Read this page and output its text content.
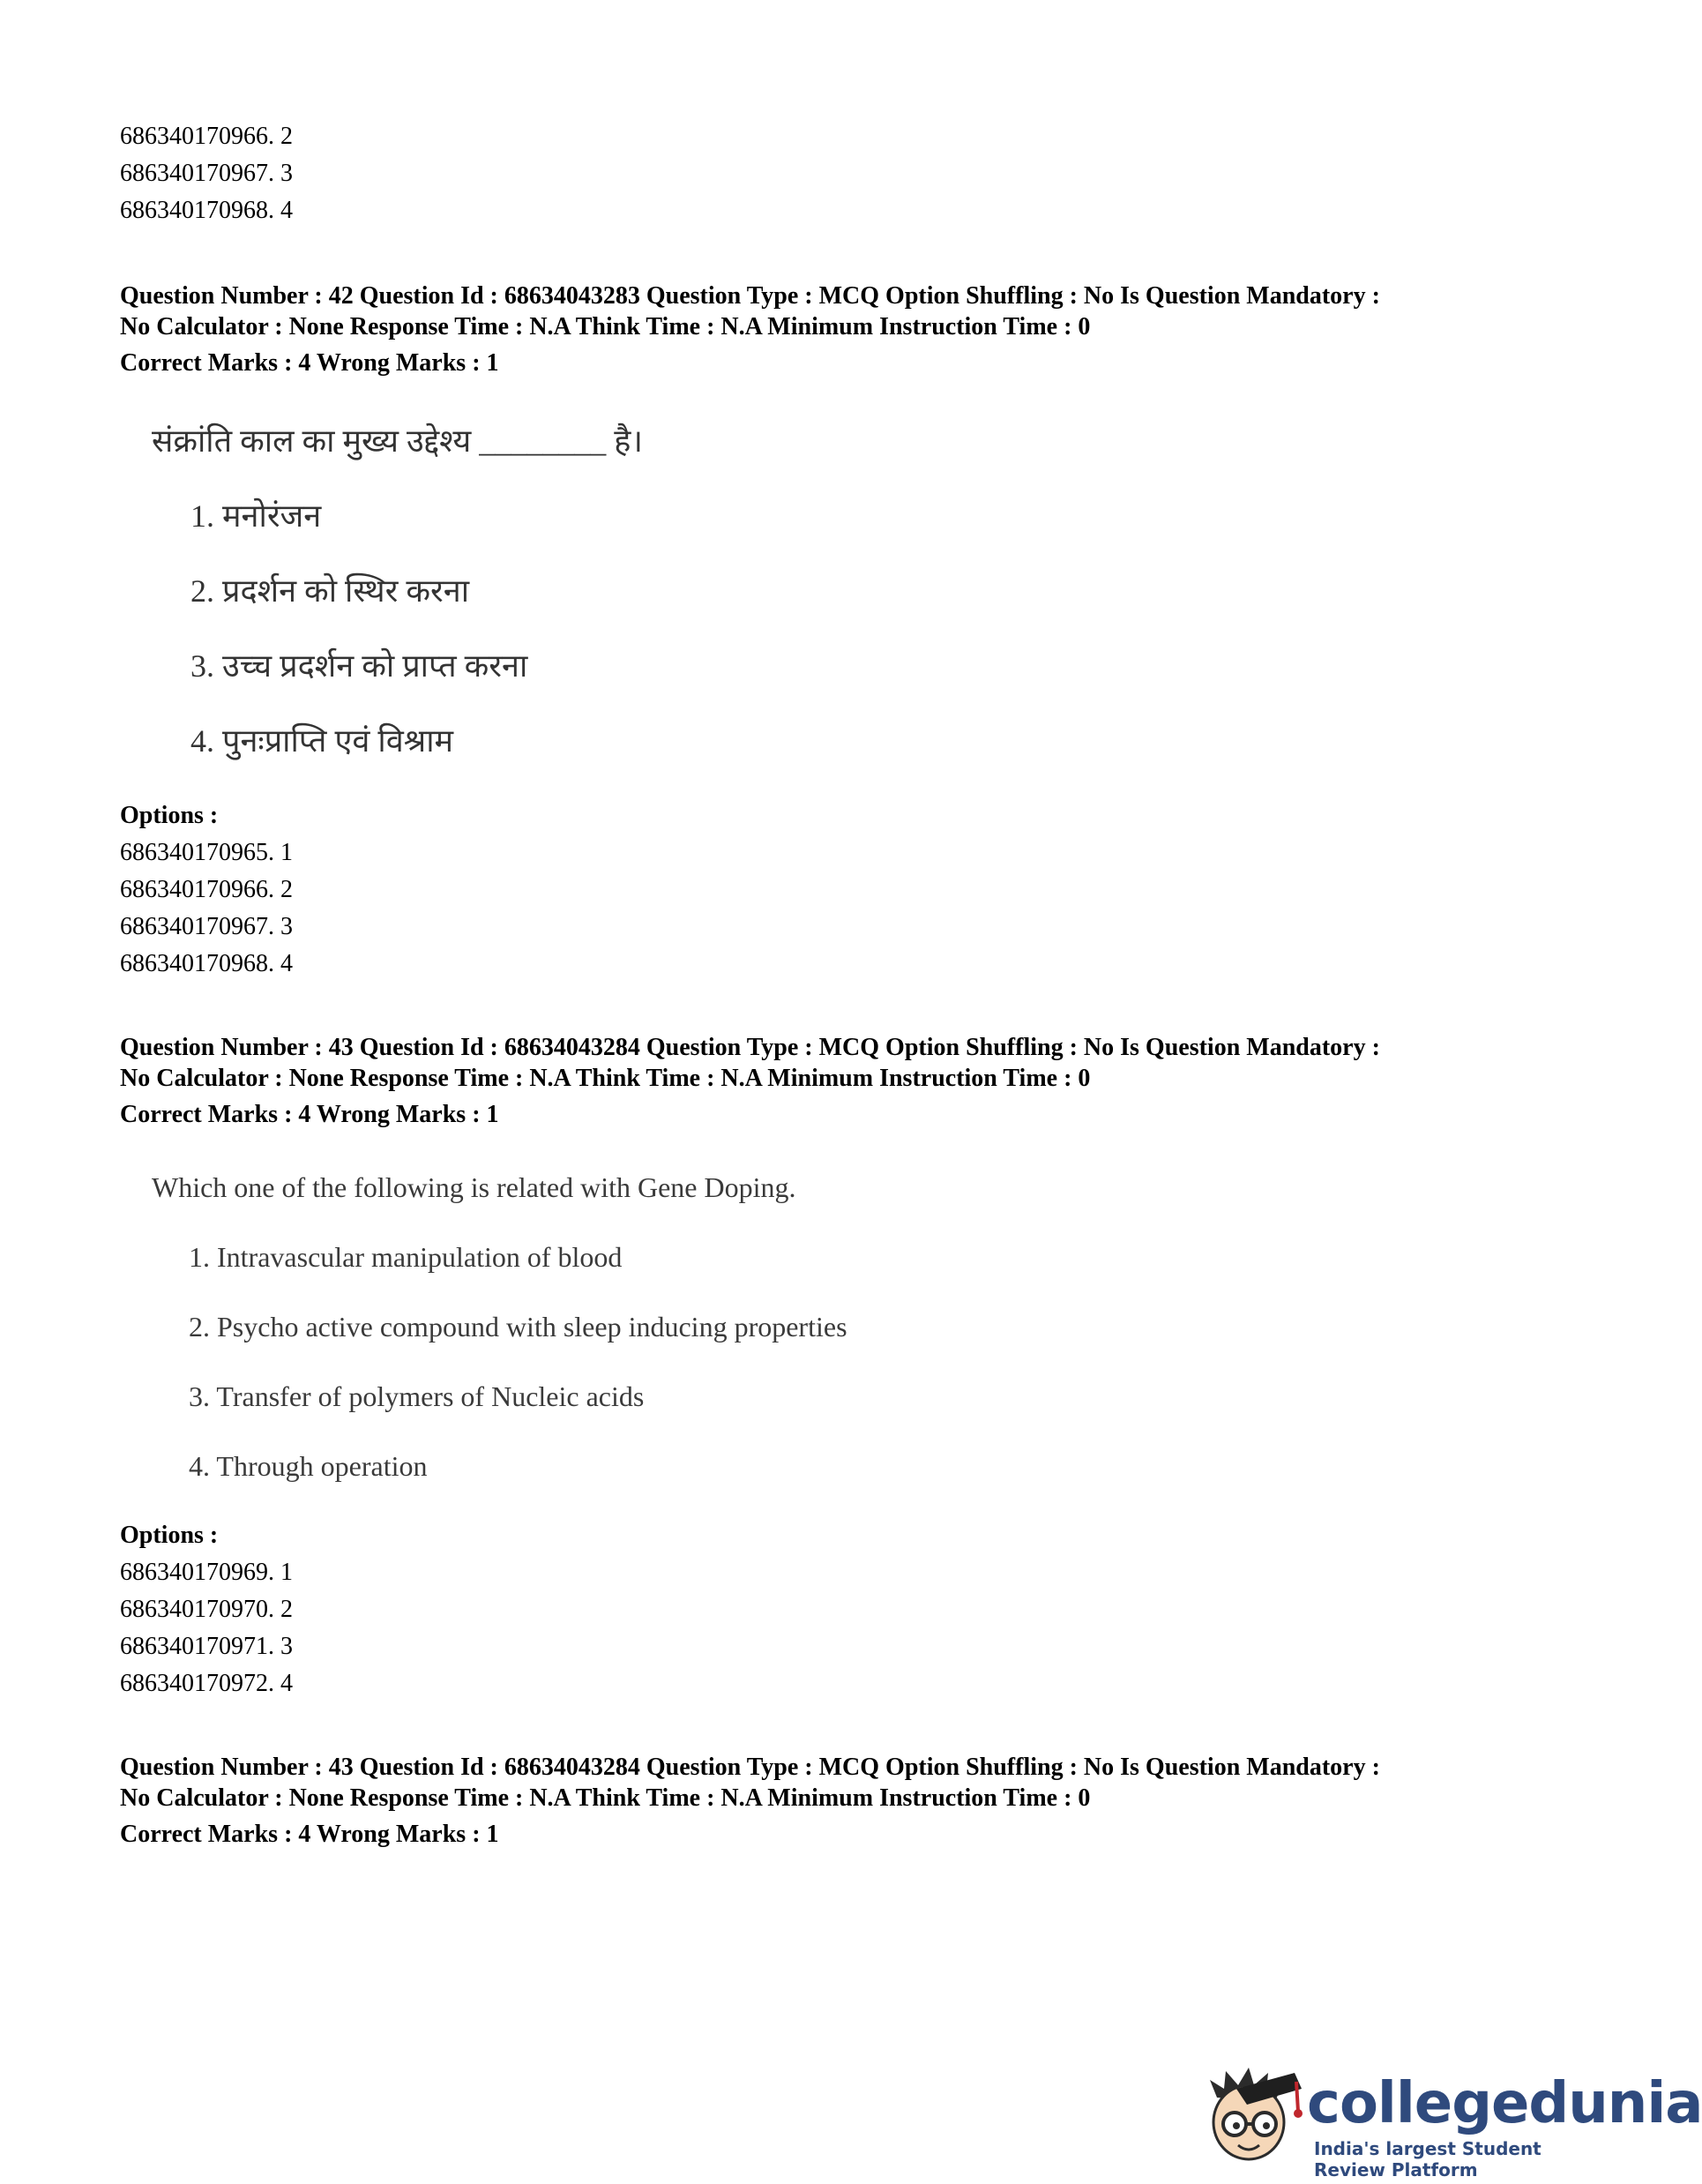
686340170966. 2
686340170967. 3
686340170968. 4
Question Number : 42 Question Id : 68634043283 Question Type : MCQ Option Shuffling : No Is Question Mandatory :
No Calculator : None Response Time : N.A Think Time : N.A Minimum Instruction Time : 0
Correct Marks : 4 Wrong Marks : 1
संक्रांति काल का मुख्य उद्देश्य ________ है।
1. मनोरंजन
2. प्रदर्शन को स्थिर करना
3. उच्च प्रदर्शन को प्राप्त करना
4. पुनःप्राप्ति एवं विश्राम
Options :
686340170965. 1
686340170966. 2
686340170967. 3
686340170968. 4
Question Number : 43 Question Id : 68634043284 Question Type : MCQ Option Shuffling : No Is Question Mandatory :
No Calculator : None Response Time : N.A Think Time : N.A Minimum Instruction Time : 0
Correct Marks : 4 Wrong Marks : 1
Which one of the following is related with Gene Doping.
1. Intravascular manipulation of blood
2. Psycho active compound with sleep inducing properties
3. Transfer of polymers of Nucleic acids
4. Through operation
Options :
686340170969. 1
686340170970. 2
686340170971. 3
686340170972. 4
Question Number : 43 Question Id : 68634043284 Question Type : MCQ Option Shuffling : No Is Question Mandatory :
No Calculator : None Response Time : N.A Think Time : N.A Minimum Instruction Time : 0
Correct Marks : 4 Wrong Marks : 1
collegedunia
India's largest Student Review Platform
